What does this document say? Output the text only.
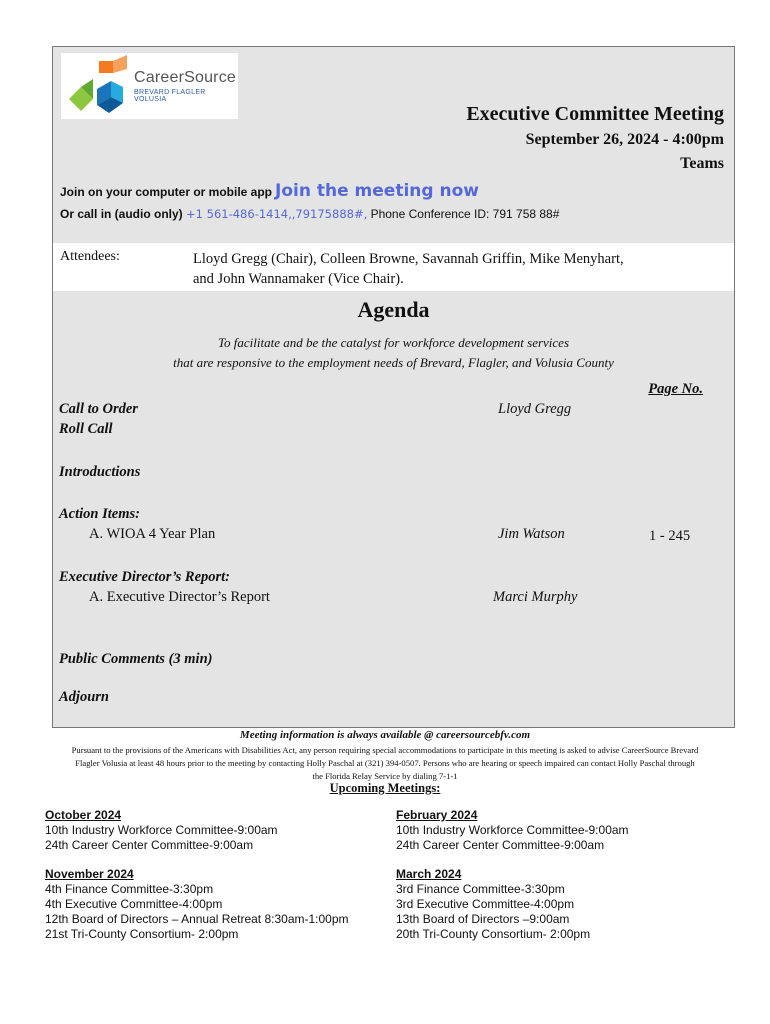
CareerSource
BREVARD FLAGLER VOLUSIA
Executive Committee Meeting
September 26, 2024 - 4:00pm
Teams
Join on your computer or mobile app Join the meeting now
Or call in (audio only) +1 561-486-1414,,79175888#, Phone Conference ID: 791 758 88#
Attendees:	Lloyd Gregg (Chair), Colleen Browne, Savannah Griffin, Mike Menyhart, and John Wannamaker (Vice Chair).
Agenda
To facilitate and be the catalyst for workforce development services
that are responsive to the employment needs of Brevard, Flagler, and Volusia County
Page No.
Call to Order	Lloyd Gregg
Roll Call
Introductions
Action Items:
A. WIOA 4 Year Plan	Jim Watson	1 - 245
Executive Director’s Report:
A. Executive Director’s Report	Marci Murphy
Public Comments (3 min)
Adjourn
Meeting information is always available @ careersourcebfv.com
Pursuant to the provisions of the Americans with Disabilities Act, any person requiring special accommodations to participate in this meeting is asked to advise CareerSource Brevard Flagler Volusia at least 48 hours prior to the meeting by contacting Holly Paschal at (321) 394-0507. Persons who are hearing or speech impaired can contact Holly Paschal through the Florida Relay Service by dialing 7-1-1
Upcoming Meetings:
October 2024
10th Industry Workforce Committee-9:00am
24th Career Center Committee-9:00am
February 2024
10th Industry Workforce Committee-9:00am
24th Career Center Committee-9:00am
November 2024
4th Finance Committee-3:30pm
4th Executive Committee-4:00pm
12th Board of Directors – Annual Retreat 8:30am-1:00pm
21st Tri-County Consortium- 2:00pm
March 2024
3rd Finance Committee-3:30pm
3rd Executive Committee-4:00pm
13th Board of Directors –9:00am
20th Tri-County Consortium- 2:00pm
